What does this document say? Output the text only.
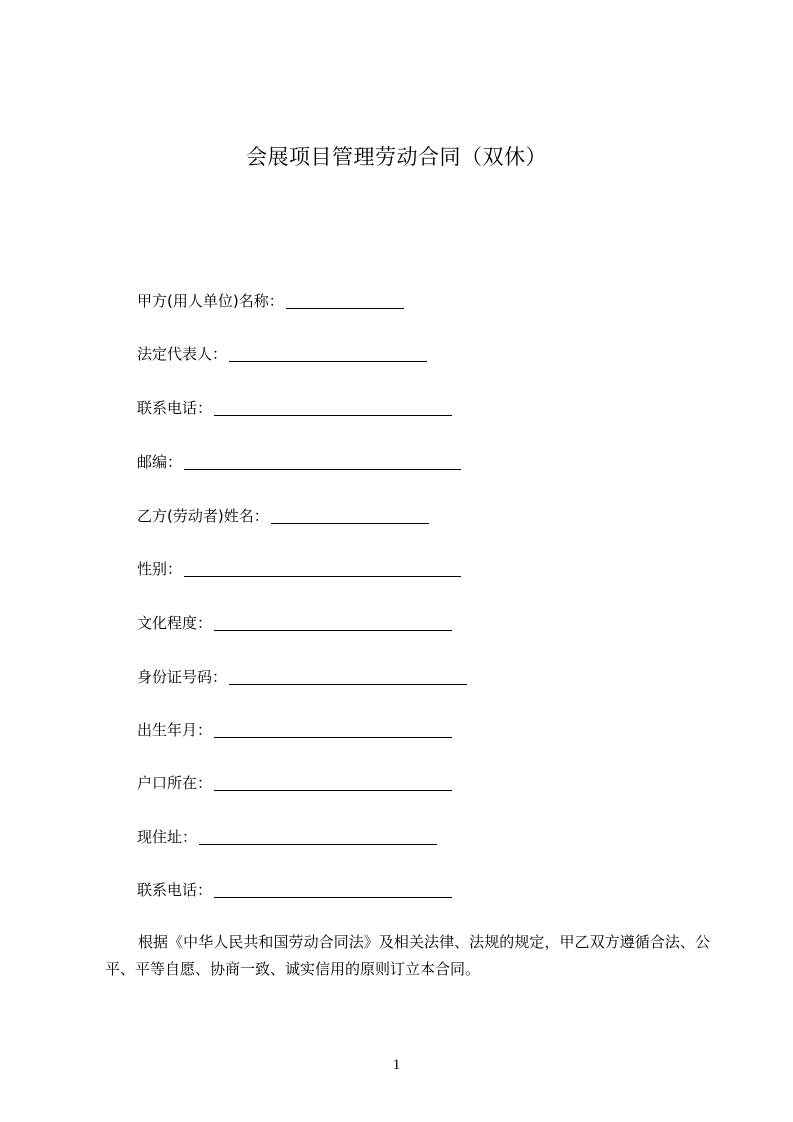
会展项目管理劳动合同（双休）
甲方(用人单位)名称：
法定代表人：
联系电话：
邮编：
乙方(劳动者)姓名：
性别：
文化程度：
身份证号码：
出生年月：
户口所在：
现住址：
联系电话：
根据《中华人民共和国劳动合同法》及相关法律、法规的规定，甲乙双方遵循合法、公平、平等自愿、协商一致、诚实信用的原则订立本合同。
1
